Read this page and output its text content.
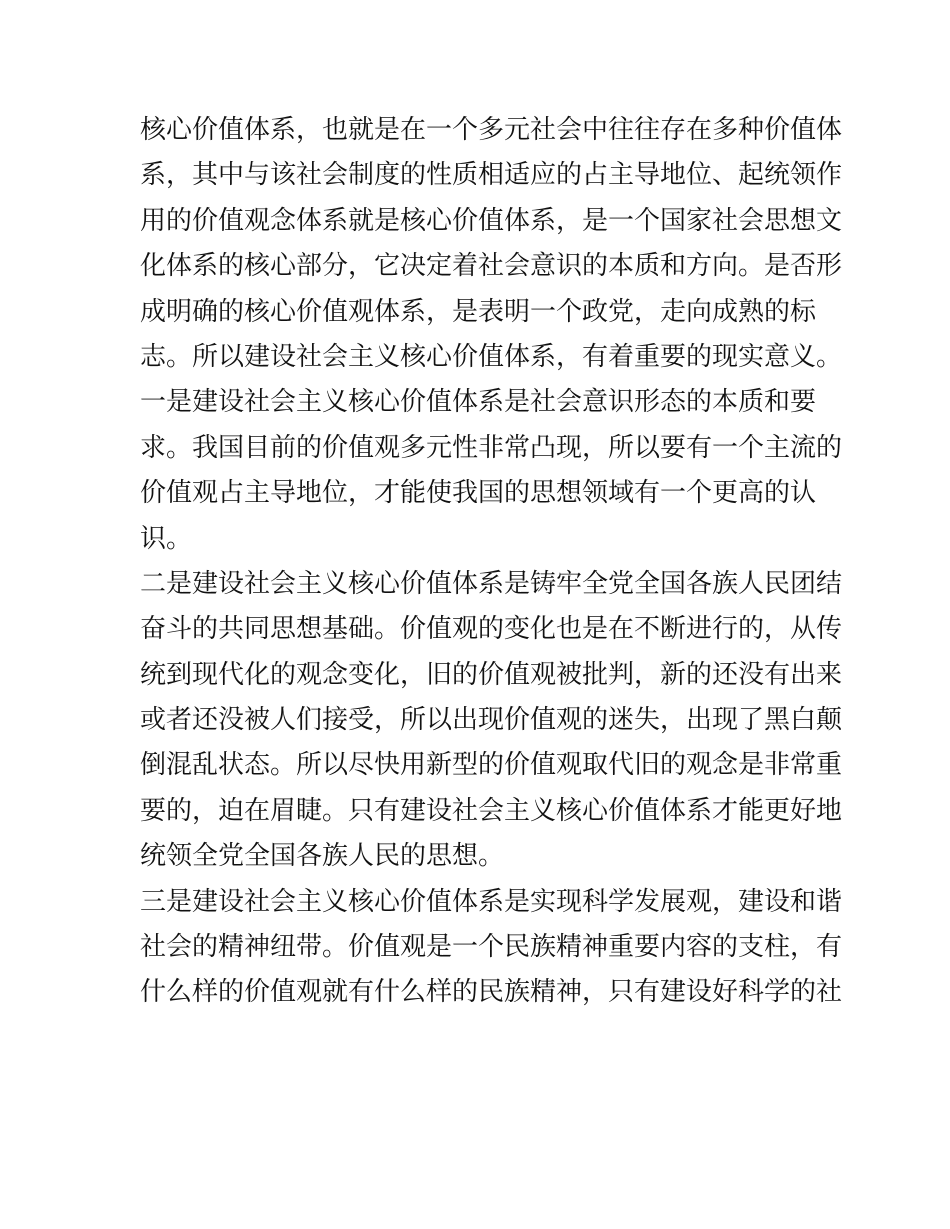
核心价值体系，也就是在一个多元社会中往往存在多种价值体
系，其中与该社会制度的性质相适应的占主导地位、起统领作
用的价值观念体系就是核心价值体系，是一个国家社会思想文
化体系的核心部分，它决定着社会意识的本质和方向。是否形
成明确的核心价值观体系，是表明一个政党，走向成熟的标
志。所以建设社会主义核心价值体系，有着重要的现实意义。
一是建设社会主义核心价值体系是社会意识形态的本质和要
求。我国目前的价值观多元性非常凸现，所以要有一个主流的
价值观占主导地位，才能使我国的思想领域有一个更高的认
识。
二是建设社会主义核心价值体系是铸牢全党全国各族人民团结
奋斗的共同思想基础。价值观的变化也是在不断进行的，从传
统到现代化的观念变化，旧的价值观被批判，新的还没有出来
或者还没被人们接受，所以出现价值观的迷失，出现了黑白颠
倒混乱状态。所以尽快用新型的价值观取代旧的观念是非常重
要的，迫在眉睫。只有建设社会主义核心价值体系才能更好地
统领全党全国各族人民的思想。
三是建设社会主义核心价值体系是实现科学发展观，建设和谐
社会的精神纽带。价值观是一个民族精神重要内容的支柱，有
什么样的价值观就有什么样的民族精神，只有建设好科学的社
